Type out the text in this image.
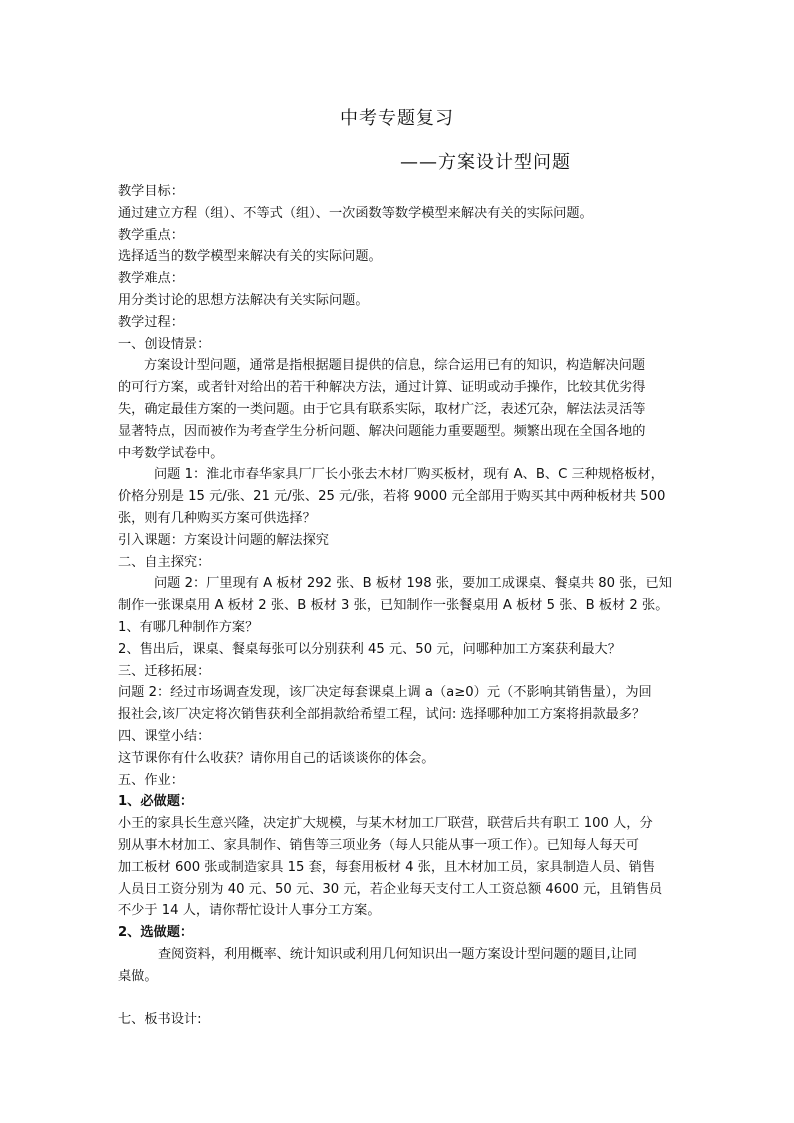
中考专题复习
——方案设计型问题

教学目标：

通过建立方程（组）、不等式（组）、一次函数等数学模型来解决有关的实际问题。

教学重点：

选择适当的数学模型来解决有关的实际问题。

教学难点：

用分类讨论的思想方法解决有关实际问题。

教学过程：

一、创设情景：

方案设计型问题，通常是指根据题目提供的信息，综合运用已有的知识，构造解决问题

的可行方案，或者针对给出的若干种解决方法，通过计算、证明或动手操作，比较其优劣得

失，确定最佳方案的一类问题。由于它具有联系实际，取材广泛，表述冗杂，解法法灵活等

显著特点，因而被作为考查学生分析问题、解决问题能力重要题型。频繁出现在全国各地的

中考数学试卷中。

问题 1：淮北市春华家具厂厂长小张去木材厂购买板材，现有 A、B、C 三种规格板材，

价格分别是 15 元/张、21 元/张、25 元/张，若将 9000 元全部用于购买其中两种板材共 500

张，则有几种购买方案可供选择？

引入课题：方案设计问题的解法探究

二、自主探究：

问题 2：厂里现有 A 板材 292 张、B 板材 198 张，要加工成课桌、餐桌共 80 张，已知

制作一张课桌用 A 板材 2 张、B 板材 3 张，已知制作一张餐桌用 A 板材 5 张、B 板材 2 张。

1、有哪几种制作方案？

2、售出后，课桌、餐桌每张可以分别获利 45 元、50 元，问哪种加工方案获利最大？

三、迁移拓展：

问题 2：经过市场调查发现，该厂决定每套课桌上调 a（a≥0）元（不影响其销售量），为回

报社会,该厂决定将次销售获利全部捐款给希望工程，试问: 选择哪种加工方案将捐款最多？

四、课堂小结：

这节课你有什么收获？请你用自己的话谈谈你的体会。

五、作业：

1、必做题：

小王的家具长生意兴隆，决定扩大规模，与某木材加工厂联营，联营后共有职工 100 人，分

别从事木材加工、家具制作、销售等三项业务（每人只能从事一项工作）。已知每人每天可

加工板材 600 张或制造家具 15 套，每套用板材 4 张，且木材加工员，家具制造人员、销售

人员日工资分别为 40 元、50 元、30 元，若企业每天支付工人工资总额 4600 元，且销售员

不少于 14 人，请你帮忙设计人事分工方案。

2、选做题：

查阅资料，利用概率、统计知识或利用几何知识出一题方案设计型问题的题目,让同

桌做。

七、板书设计:
